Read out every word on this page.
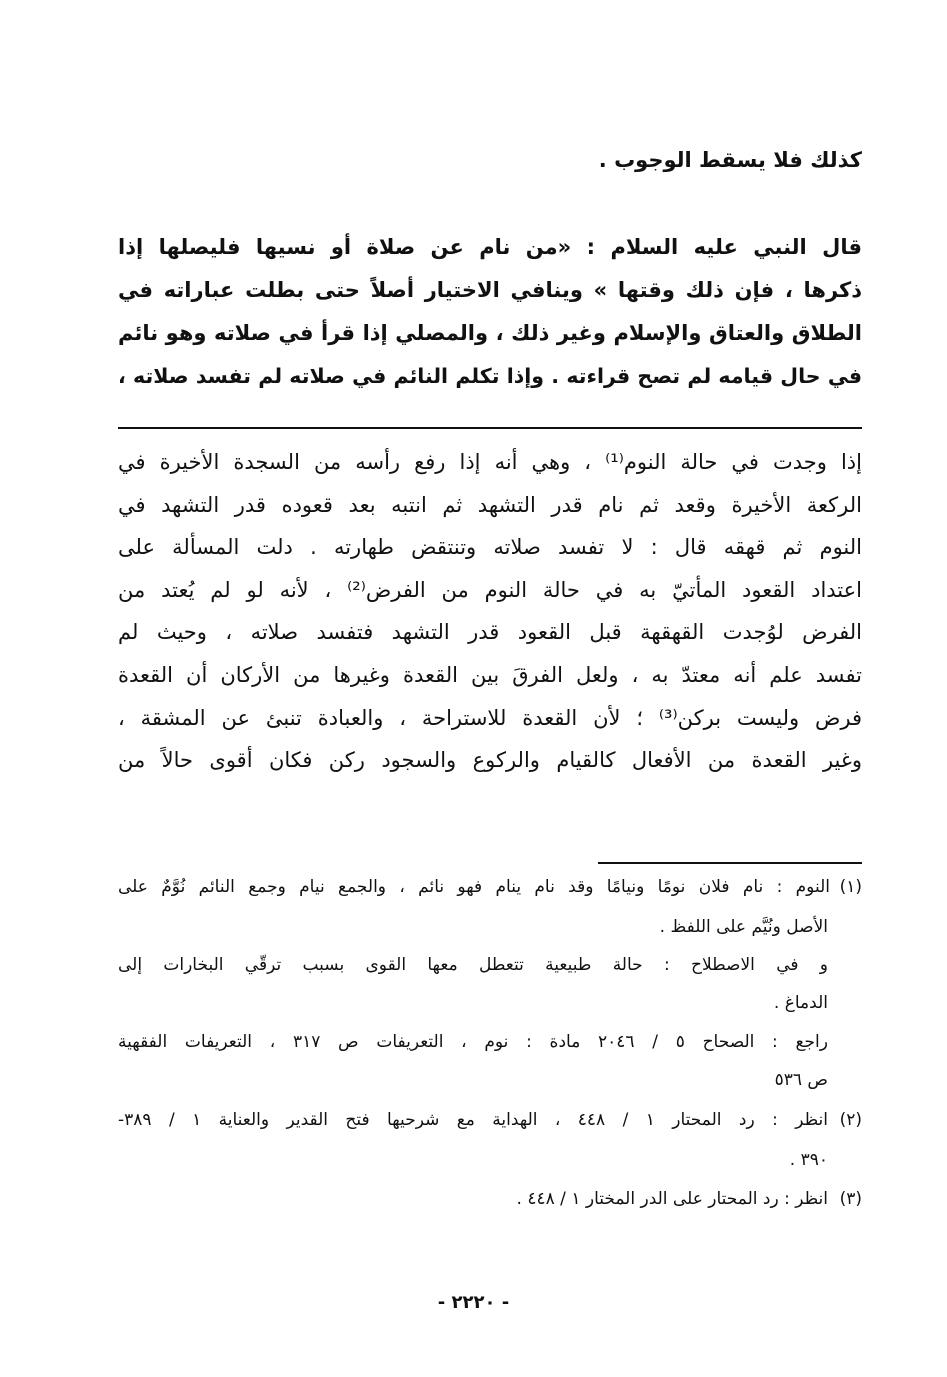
كذلك فلا يسقط الوجوب .
قال النبي عليه السلام : «من نام عن صلاة أو نسيها فليصلها إذا
ذكرها ، فإن ذلك وقتها » وينافي الاختيار أصلاً حتى بطلت عباراته في
الطلاق والعتاق والإسلام وغير ذلك ، والمصلي إذا قرأ في صلاته وهو نائم
في حال قيامه لم تصح قراءته . وإذا تكلم النائم في صلاته لم تفسد صلاته ،
إذا وجدت في حالة النوم⁽¹⁾ ، وهي أنه إذا رفع رأسه من السجدة الأخيرة في
الركعة الأخيرة وقعد ثم نام قدر التشهد ثم انتبه بعد قعوده قدر التشهد في
النوم ثم قهقه قال : لا تفسد صلاته وتنتقض طهارته . دلت المسألة على
اعتداد القعود المأتيّ به في حالة النوم من الفرض⁽²⁾ ، لأنه لو لم يُعتد من
الفرض لوُجدت القهقهة قبل القعود قدر التشهد فتفسد صلاته ، وحيث لم
تفسد علم أنه معتدّ به ، ولعل الفرقَ بين القعدة وغيرها من الأركان أن القعدة
فرض وليست بركن⁽³⁾ ؛ لأن القعدة للاستراحة ، والعبادة تنبئ عن المشقة ،
وغير القعدة من الأفعال كالقيام والركوع والسجود ركن فكان أقوى حالاً من
(١)
النوم : نام فلان نومًا ونيامًا وقد نام ينام فهو نائم ، والجمع نيام وجمع النائم نُوَّمٌ على
الأصل ونُيَّم على اللفظ .
و في الاصطلاح : حالة طبيعية تتعطل معها القوى بسبب ترقّي البخارات إلى
الدماغ .
راجع : الصحاح ٥ / ٢٠٤٦ مادة : نوم ، التعريفات ص ٣١٧ ، التعريفات الفقهية
ص ٥٣٦
(٢)
انظر : رد المحتار ١ / ٤٤٨ ، الهداية مع شرحيها فتح القدير والعناية ١ / ٣٨٩-
٣٩٠ .
(٣)
انظر : رد المحتار على الدر المختار ١ / ٤٤٨ .
- ٢٢٢٠ -
